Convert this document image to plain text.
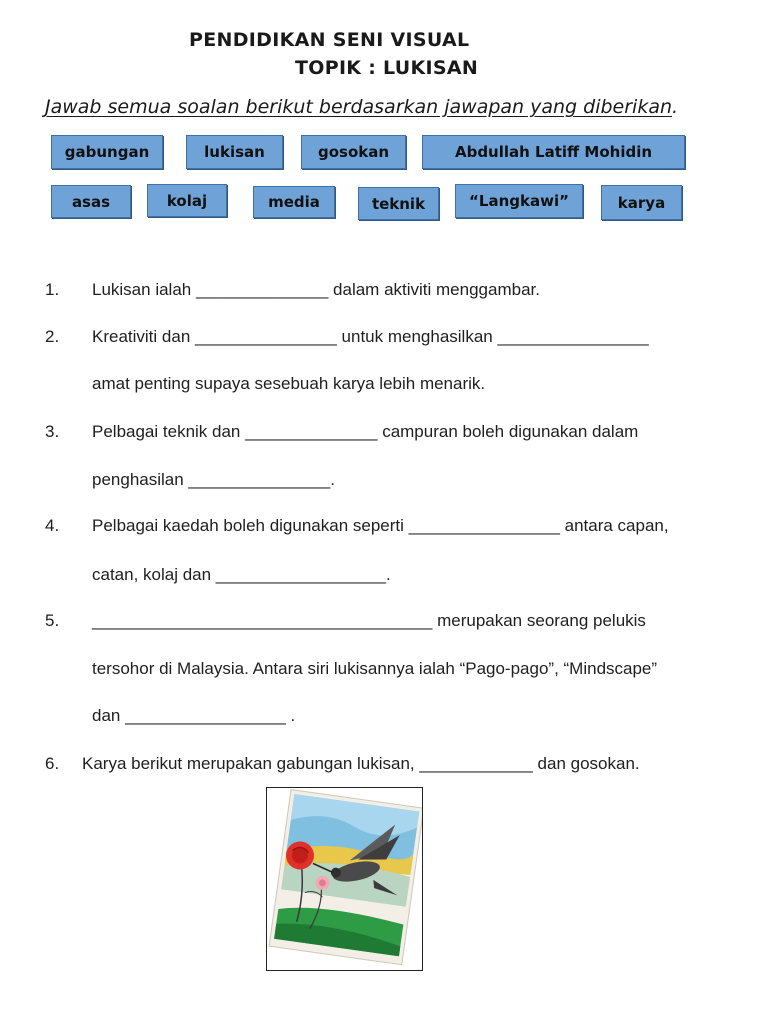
PENDIDIKAN SENI VISUAL
TOPIK : LUKISAN
Jawab semua soalan berikut berdasarkan jawapan yang diberikan.
gabungan	lukisan	gosokan	Abdullah Latiff Mohidin
asas	kolaj	media	teknik	“Langkawi”	karya
1. Lukisan ialah ______________ dalam aktiviti menggambar.
2. Kreativiti dan _______________ untuk menghasilkan ________________
amat penting supaya sesebuah karya lebih menarik.
3. Pelbagai teknik dan ______________ campuran boleh digunakan dalam
penghasilan _______________.
4. Pelbagai kaedah boleh digunakan seperti ________________ antara capan,
catan, kolaj dan __________________.
5. ____________________________________ merupakan seorang pelukis
tersohor di Malaysia. Antara siri lukisannya ialah “Pago-pago”, “Mindscape”
dan _________________ .
6. Karya berikut merupakan gabungan lukisan, ____________ dan gosokan.
